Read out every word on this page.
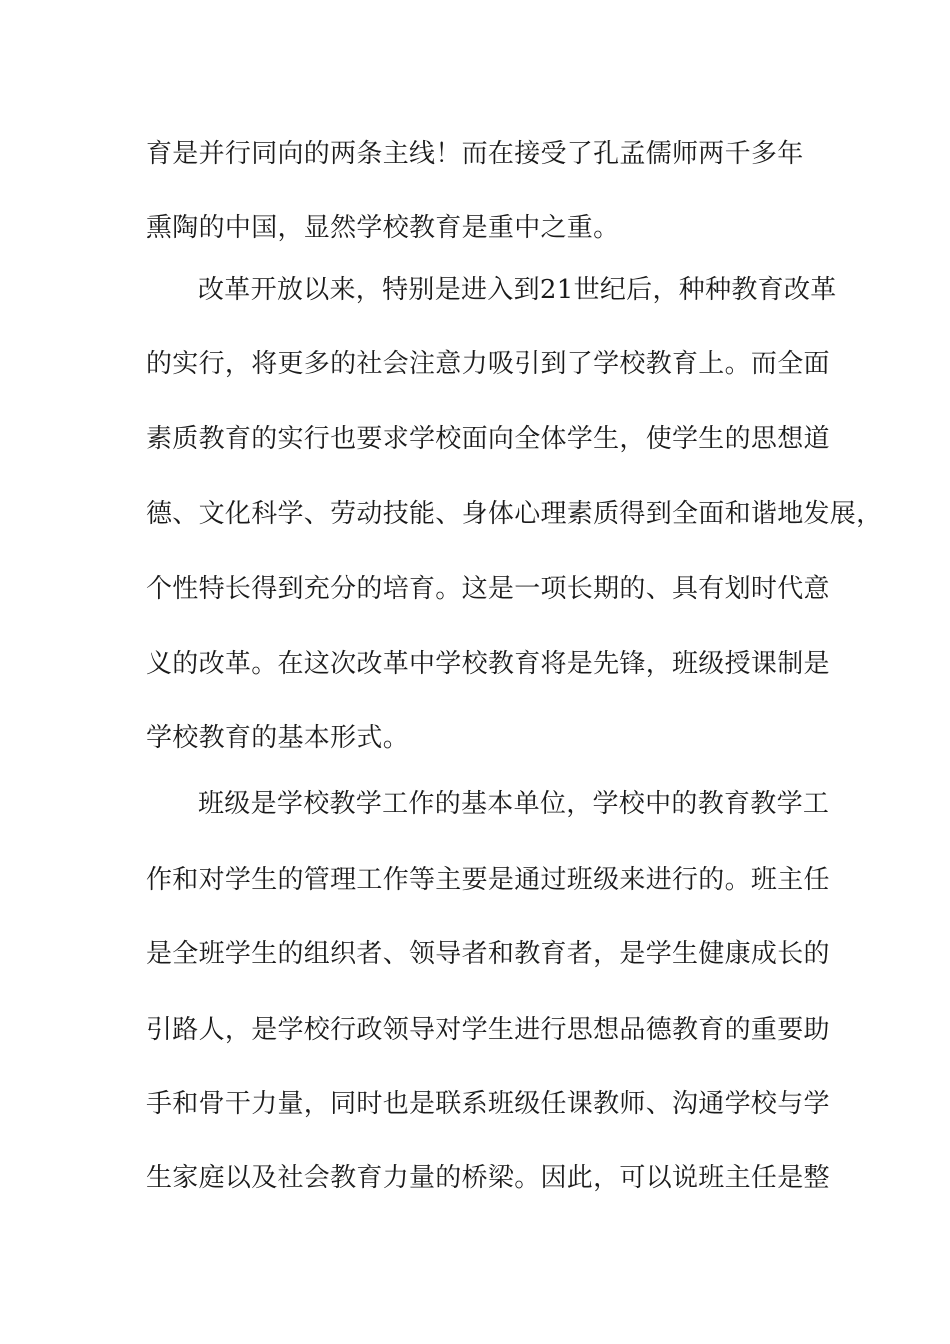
育是并行同向的两条主线！而在接受了孔孟儒师两千多年
熏陶的中国，显然学校教育是重中之重。
改革开放以来，特别是进入到21世纪后，种种教育改革
的实行，将更多的社会注意力吸引到了学校教育上。而全面
素质教育的实行也要求学校面向全体学生，使学生的思想道
德、文化科学、劳动技能、身体心理素质得到全面和谐地发展，
个性特长得到充分的培育。这是一项长期的、具有划时代意
义的改革。在这次改革中学校教育将是先锋，班级授课制是
学校教育的基本形式。
班级是学校教学工作的基本单位，学校中的教育教学工
作和对学生的管理工作等主要是通过班级来进行的。班主任
是全班学生的组织者、领导者和教育者，是学生健康成长的
引路人，是学校行政领导对学生进行思想品德教育的重要助
手和骨干力量，同时也是联系班级任课教师、沟通学校与学
生家庭以及社会教育力量的桥梁。因此，可以说班主任是整
